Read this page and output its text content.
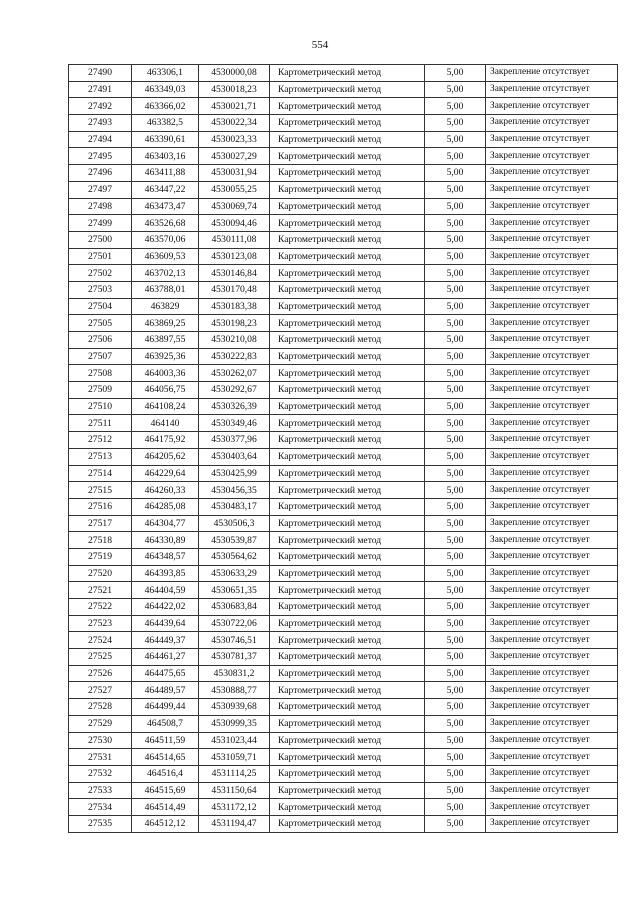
554
27490	463306,1	4530000,08	Картометрический метод	5,00	Закрепление отсутствует
27491	463349,03	4530018,23	Картометрический метод	5,00	Закрепление отсутствует
27492	463366,02	4530021,71	Картометрический метод	5,00	Закрепление отсутствует
27493	463382,5	4530022,34	Картометрический метод	5,00	Закрепление отсутствует
27494	463390,61	4530023,33	Картометрический метод	5,00	Закрепление отсутствует
27495	463403,16	4530027,29	Картометрический метод	5,00	Закрепление отсутствует
27496	463411,88	4530031,94	Картометрический метод	5,00	Закрепление отсутствует
27497	463447,22	4530055,25	Картометрический метод	5,00	Закрепление отсутствует
27498	463473,47	4530069,74	Картометрический метод	5,00	Закрепление отсутствует
27499	463526,68	4530094,46	Картометрический метод	5,00	Закрепление отсутствует
27500	463570,06	4530111,08	Картометрический метод	5,00	Закрепление отсутствует
27501	463609,53	4530123,08	Картометрический метод	5,00	Закрепление отсутствует
27502	463702,13	4530146,84	Картометрический метод	5,00	Закрепление отсутствует
27503	463788,01	4530170,48	Картометрический метод	5,00	Закрепление отсутствует
27504	463829	4530183,38	Картометрический метод	5,00	Закрепление отсутствует
27505	463869,25	4530198,23	Картометрический метод	5,00	Закрепление отсутствует
27506	463897,55	4530210,08	Картометрический метод	5,00	Закрепление отсутствует
27507	463925,36	4530222,83	Картометрический метод	5,00	Закрепление отсутствует
27508	464003,36	4530262,07	Картометрический метод	5,00	Закрепление отсутствует
27509	464056,75	4530292,67	Картометрический метод	5,00	Закрепление отсутствует
27510	464108,24	4530326,39	Картометрический метод	5,00	Закрепление отсутствует
27511	464140	4530349,46	Картометрический метод	5,00	Закрепление отсутствует
27512	464175,92	4530377,96	Картометрический метод	5,00	Закрепление отсутствует
27513	464205,62	4530403,64	Картометрический метод	5,00	Закрепление отсутствует
27514	464229,64	4530425,99	Картометрический метод	5,00	Закрепление отсутствует
27515	464260,33	4530456,35	Картометрический метод	5,00	Закрепление отсутствует
27516	464285,08	4530483,17	Картометрический метод	5,00	Закрепление отсутствует
27517	464304,77	4530506,3	Картометрический метод	5,00	Закрепление отсутствует
27518	464330,89	4530539,87	Картометрический метод	5,00	Закрепление отсутствует
27519	464348,57	4530564,62	Картометрический метод	5,00	Закрепление отсутствует
27520	464393,85	4530633,29	Картометрический метод	5,00	Закрепление отсутствует
27521	464404,59	4530651,35	Картометрический метод	5,00	Закрепление отсутствует
27522	464422,02	4530683,84	Картометрический метод	5,00	Закрепление отсутствует
27523	464439,64	4530722,06	Картометрический метод	5,00	Закрепление отсутствует
27524	464449,37	4530746,51	Картометрический метод	5,00	Закрепление отсутствует
27525	464461,27	4530781,37	Картометрический метод	5,00	Закрепление отсутствует
27526	464475,65	4530831,2	Картометрический метод	5,00	Закрепление отсутствует
27527	464489,57	4530888,77	Картометрический метод	5,00	Закрепление отсутствует
27528	464499,44	4530939,68	Картометрический метод	5,00	Закрепление отсутствует
27529	464508,7	4530999,35	Картометрический метод	5,00	Закрепление отсутствует
27530	464511,59	4531023,44	Картометрический метод	5,00	Закрепление отсутствует
27531	464514,65	4531059,71	Картометрический метод	5,00	Закрепление отсутствует
27532	464516,4	4531114,25	Картометрический метод	5,00	Закрепление отсутствует
27533	464515,69	4531150,64	Картометрический метод	5,00	Закрепление отсутствует
27534	464514,49	4531172,12	Картометрический метод	5,00	Закрепление отсутствует
27535	464512,12	4531194,47	Картометрический метод	5,00	Закрепление отсутствует
